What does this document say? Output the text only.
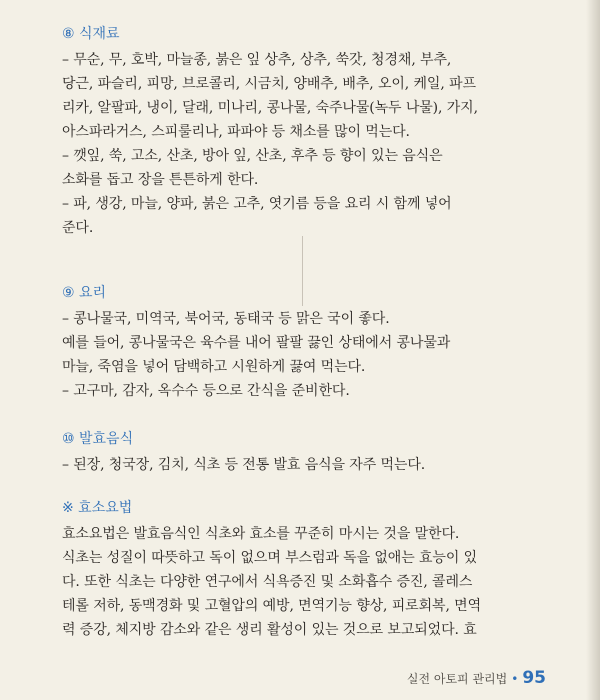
⑧ 식재료
– 무순, 무, 호박, 마늘종, 붉은 잎 상추, 상추, 쑥갓, 청경채, 부추,
당근, 파슬리, 피망, 브로콜리, 시금치, 양배추, 배추, 오이, 케일, 파프
리카, 알팔파, 냉이, 달래, 미나리, 콩나물, 숙주나물(녹두 나물), 가지,
아스파라거스, 스피룰리나, 파파야 등 채소를 많이 먹는다.
– 깻잎, 쑥, 고소, 산초, 방아 잎, 산초, 후추 등 향이 있는 음식은
소화를 돕고 장을 튼튼하게 한다.
– 파, 생강, 마늘, 양파, 붉은 고추, 엿기름 등을 요리 시 함께 넣어
준다.
⑨ 요리
– 콩나물국, 미역국, 북어국, 동태국 등 맑은 국이 좋다.
예를 들어, 콩나물국은 육수를 내어 팔팔 끓인 상태에서 콩나물과
마늘, 죽염을 넣어 담백하고 시원하게 끓여 먹는다.
– 고구마, 감자, 옥수수 등으로 간식을 준비한다.
⑩ 발효음식
– 된장, 청국장, 김치, 식초 등 전통 발효 음식을 자주 먹는다.
※ 효소요법
효소요법은 발효음식인 식초와 효소를 꾸준히 마시는 것을 말한다.
식초는 성질이 따뜻하고 독이 없으며 부스럼과 독을 없애는 효능이 있
다. 또한 식초는 다양한 연구에서 식욕증진 및 소화흡수 증진, 콜레스
테롤 저하, 동맥경화 및 고혈압의 예방, 면역기능 향상, 피로회복, 면역
력 증강, 체지방 감소와 같은 생리 활성이 있는 것으로 보고되었다. 효
실전 아토피 관리법 • 95
